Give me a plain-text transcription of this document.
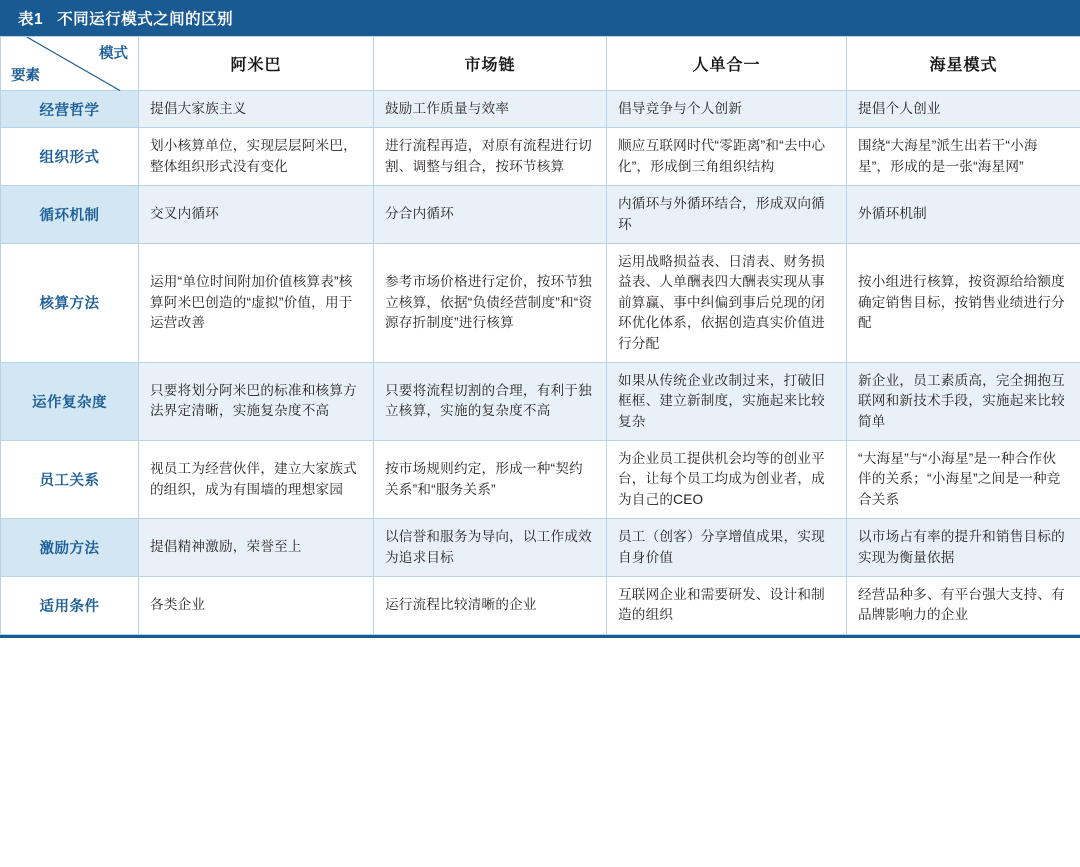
表1 不同运行模式之间的区别
模式
要素	阿米巴	市场链	人单合一	海星模式
经营哲学	提倡大家族主义	鼓励工作质量与效率	倡导竞争与个人创新	提倡个人创业
组织形式	划小核算单位，实现层层阿米巴，整体组织形式没有变化	进行流程再造，对原有流程进行切割、调整与组合，按环节核算	顺应互联网时代“零距离”和“去中心化”，形成倒三角组织结构	围绕“大海星”派生出若干“小海星”，形成的是一张“海星网”
循环机制	交叉内循环	分合内循环	内循环与外循环结合，形成双向循环	外循环机制
核算方法	运用“单位时间附加价值核算表”核算阿米巴创造的“虚拟”价值，用于运营改善	参考市场价格进行定价，按环节独立核算，依据“负债经营制度”和“资源存折制度”进行核算	运用战略损益表、日清表、财务损益表、人单酬表四大酬表实现从事前算赢、事中纠偏到事后兑现的闭环优化体系，依据创造真实价值进行分配	按小组进行核算，按资源给给额度确定销售目标，按销售业绩进行分配
运作复杂度	只要将划分阿米巴的标准和核算方法界定清晰，实施复杂度不高	只要将流程切割的合理，有利于独立核算，实施的复杂度不高	如果从传统企业改制过来，打破旧框框、建立新制度，实施起来比较复杂	新企业，员工素质高，完全拥抱互联网和新技术手段，实施起来比较简单
员工关系	视员工为经营伙伴，建立大家族式的组织，成为有围墙的理想家园	按市场规则约定，形成一种“契约关系”和“服务关系”	为企业员工提供机会均等的创业平台，让每个员工均成为创业者，成为自己的CEO	“大海星”与“小海星”是一种合作伙伴的关系；“小海星”之间是一种竞合关系
激励方法	提倡精神激励，荣誉至上	以信誉和服务为导向，以工作成效为追求目标	员工（创客）分享增值成果，实现自身价值	以市场占有率的提升和销售目标的实现为衡量依据
适用条件	各类企业	运行流程比较清晰的企业	互联网企业和需要研发、设计和制造的组织	经营品种多、有平台强大支持、有品牌影响力的企业
